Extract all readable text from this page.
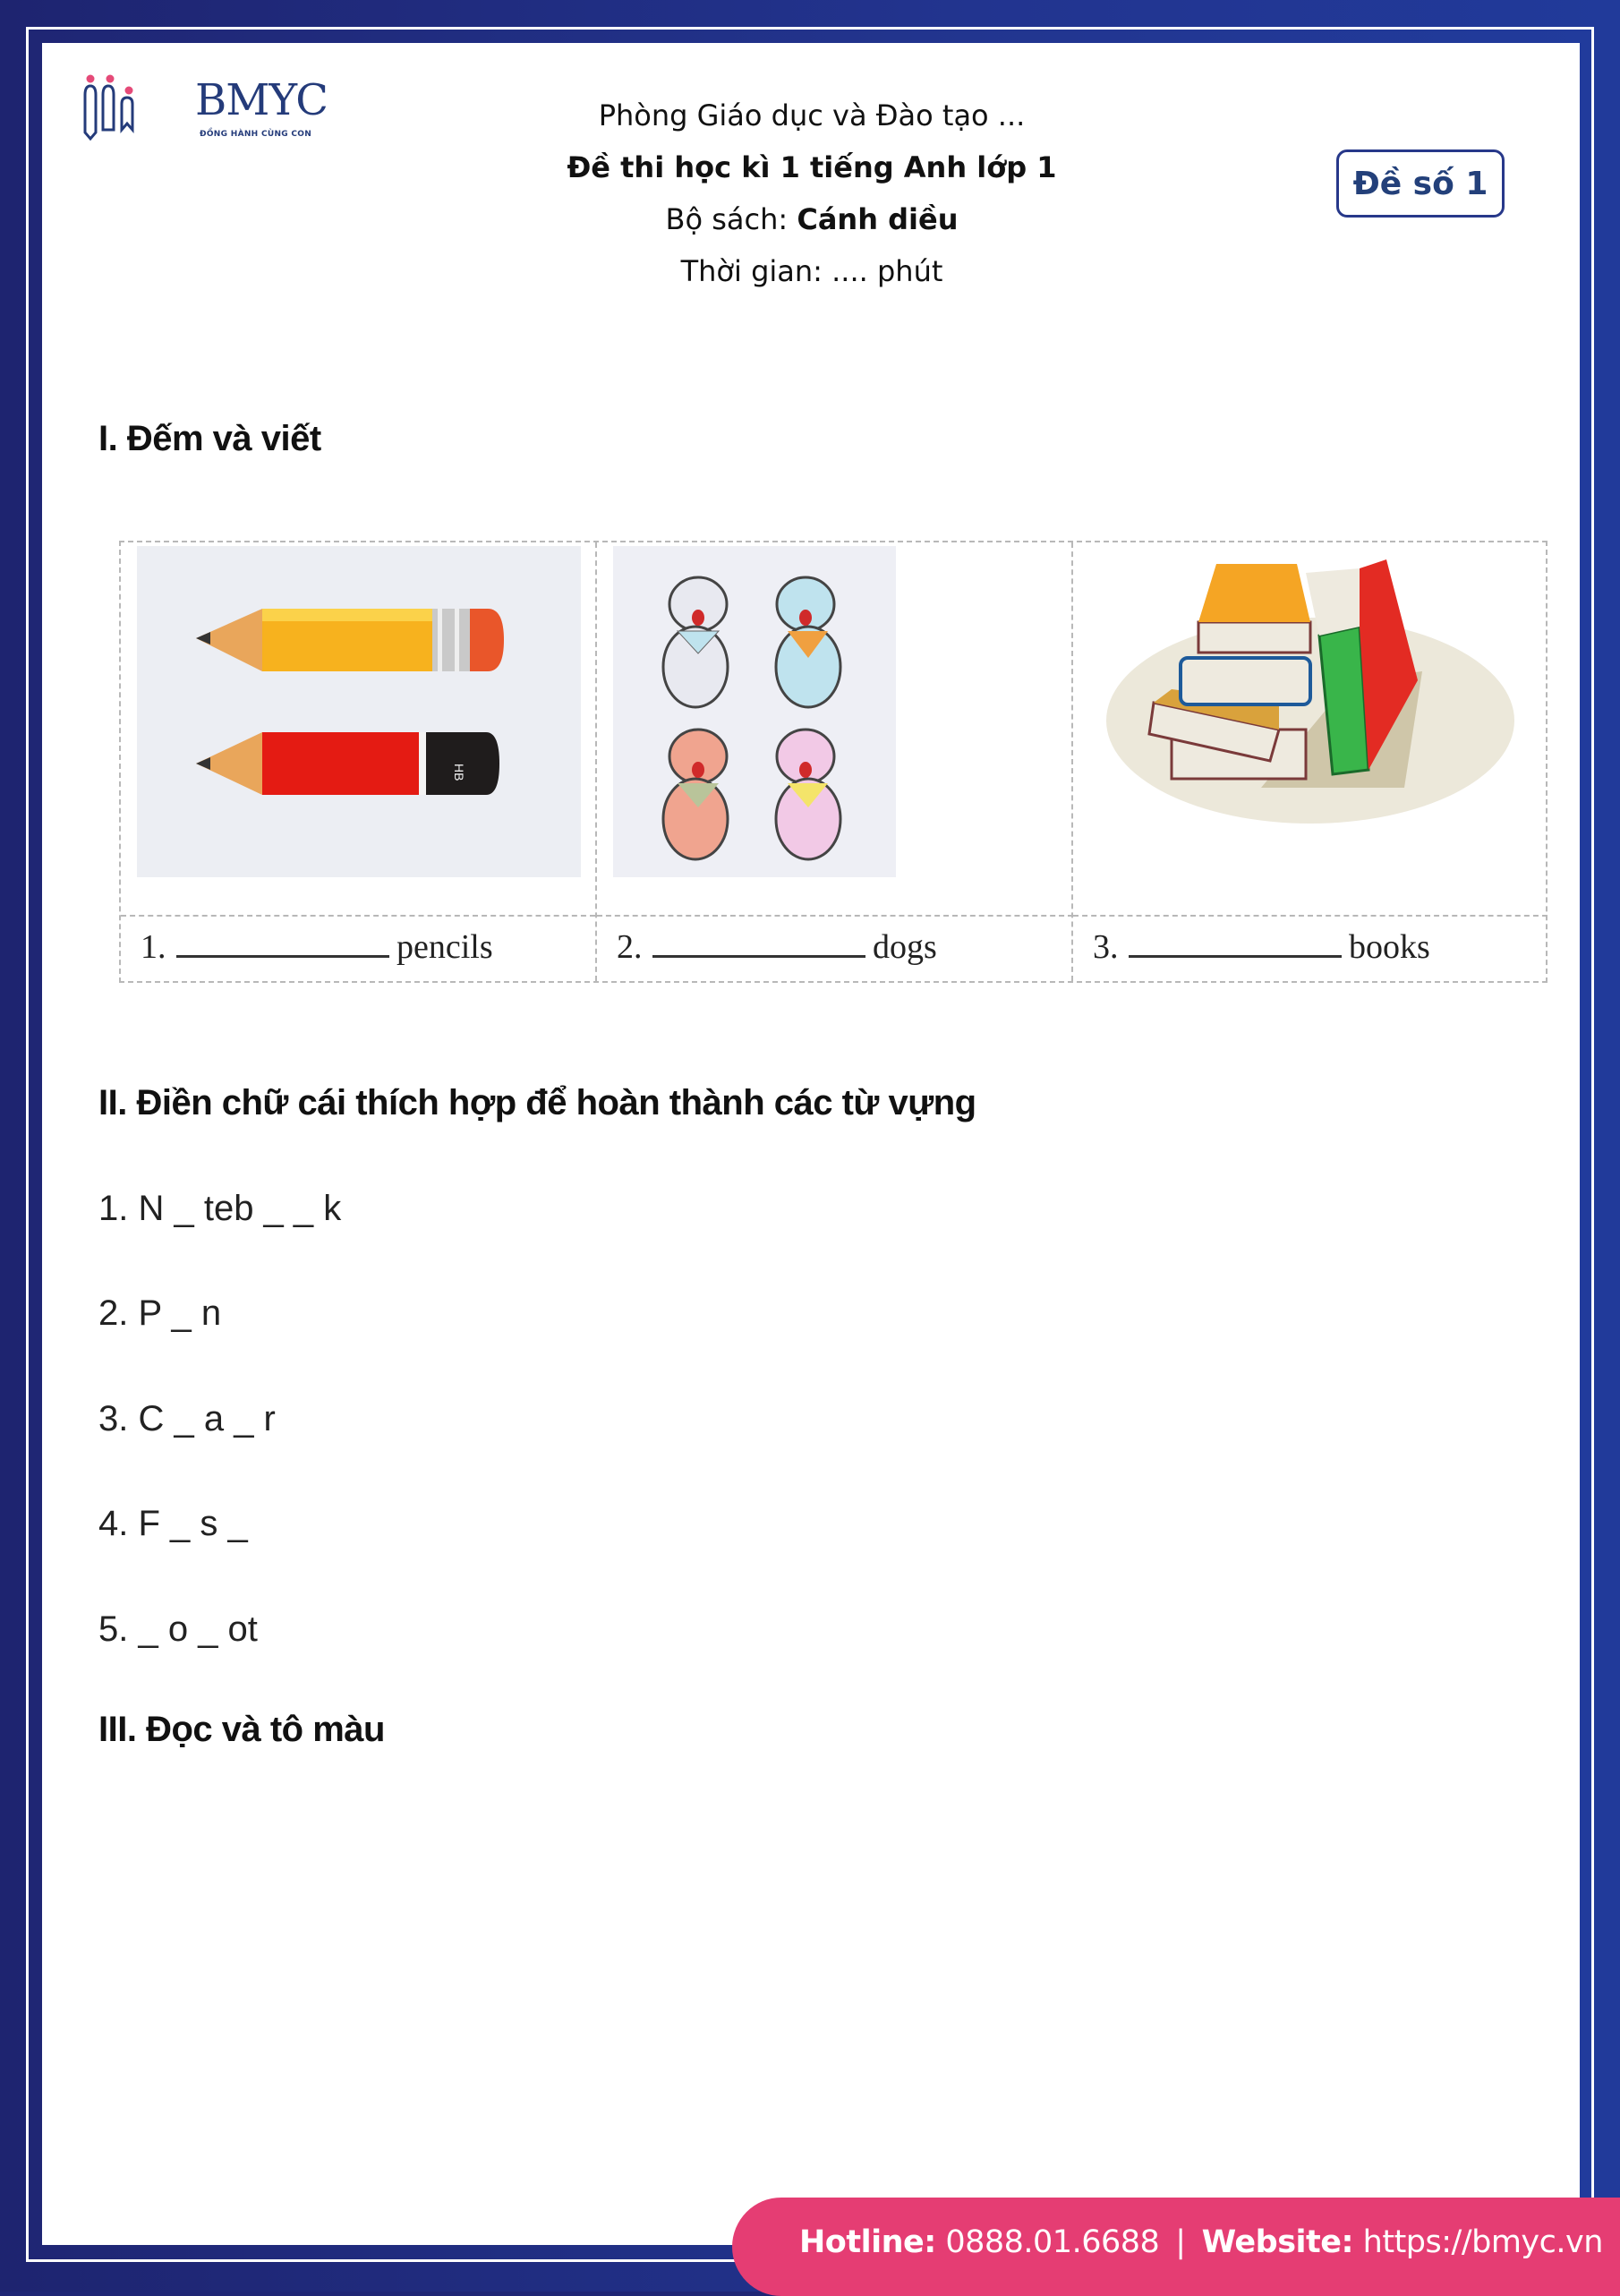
BMYC
ĐỒNG HÀNH CÙNG CON
Phòng Giáo dục và Đào tạo ...
Đề thi học kì 1 tiếng Anh lớp 1
Bộ sách: Cánh diều
Thời gian: .... phút
Đề số 1
I. Đếm và viết
HB
1.	pencils	2.	dogs	3.	books
II. Điền chữ cái thích hợp để hoàn thành các từ vựng
1. N _ teb _ _ k
2. P _ n
3. C _ a _ r
4. F _ s _
5. _ o _ ot
III. Đọc và tô màu
Hotline: 0888.01.6688 | Website: https://bmyc.vn
